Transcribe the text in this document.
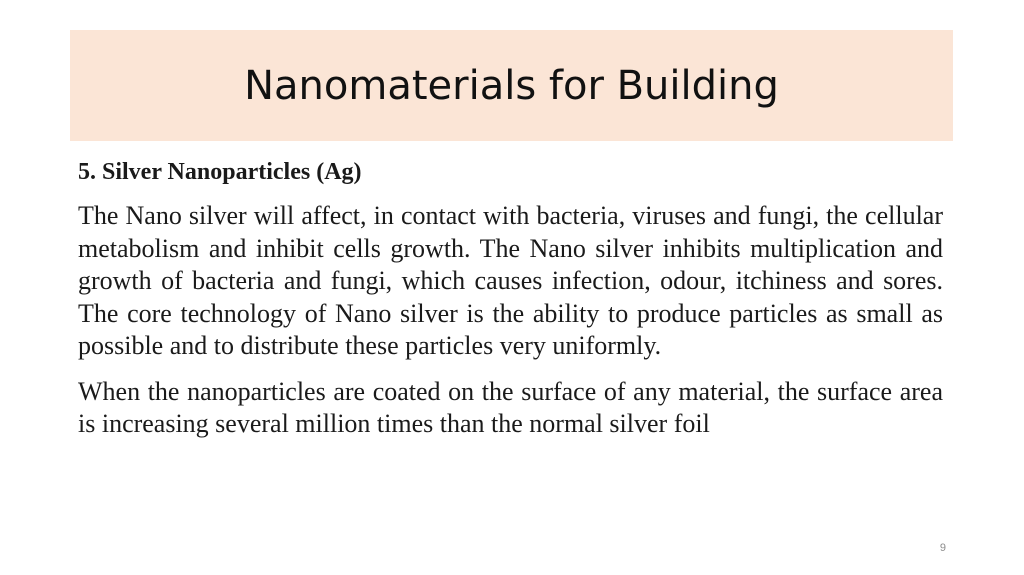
Nanomaterials for Building
5. Silver Nanoparticles (Ag)

The Nano silver will affect, in contact with bacteria, viruses and fungi, the cellular metabolism and inhibit cells growth. The Nano silver inhibits multiplication and growth of bacteria and fungi, which causes infection, odour, itchiness and sores. The core technology of Nano silver is the ability to produce particles as small as possible and to distribute these particles very uniformly.

When the nanoparticles are coated on the surface of any material, the surface area is increasing several million times than the normal silver foil

9
